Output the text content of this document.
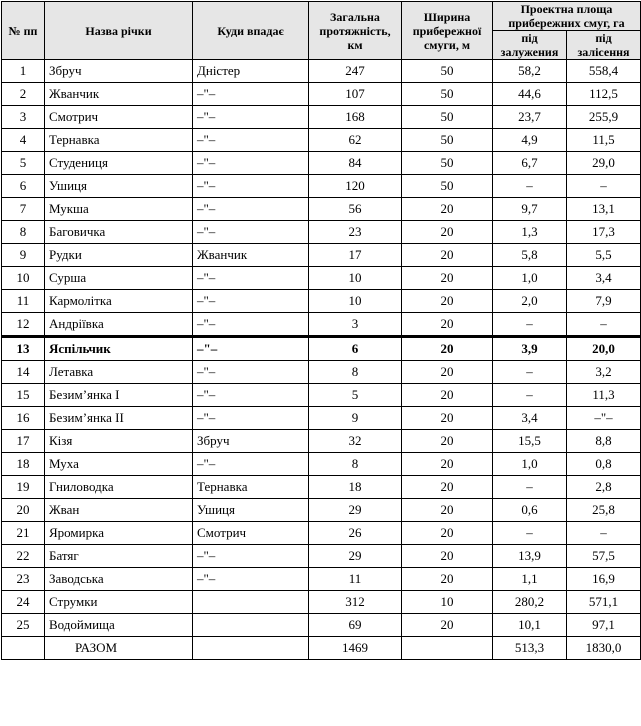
№ пп	Назва річки	Куди впадає	Загальна протяжність, км	Ширина прибережної смуги, м	Проектна площа прибережних смуг, га	
					під залужения	під залісення
1	Збруч	Дністер	247	50	58,2	558,4
2	Жванчик	–"–	107	50	44,6	112,5
3	Смотрич	–"–	168	50	23,7	255,9
4	Тернавка	–"–	62	50	4,9	11,5
5	Студениця	–"–	84	50	6,7	29,0
6	Ушиця	–"–	120	50	–	–
7	Мукша	–"–	56	20	9,7	13,1
8	Баговичка	–"–	23	20	1,3	17,3
9	Рудки	Жванчик	17	20	5,8	5,5
10	Сурша	–"–	10	20	1,0	3,4
11	Кармолітка	–"–	10	20	2,0	7,9
12	Андріївка	–"–	3	20	–	–
13	Яспільчик	–"–	6	20	3,9	20,0
14	Летавка	–"–	8	20	–	3,2
15	Безим’янка I	–"–	5	20	–	11,3
16	Безим’янка II	–"–	9	20	3,4	–"–
17	Кізя	Збруч	32	20	15,5	8,8
18	Муха	–"–	8	20	1,0	0,8
19	Гниловодка	Тернавка	18	20	–	2,8
20	Жван	Ушиця	29	20	0,6	25,8
21	Яромирка	Смотрич	26	20	–	–
22	Батяг	–"–	29	20	13,9	57,5
23	Заводська	–"–	11	20	1,1	16,9
24	Струмки		312	10	280,2	571,1
25	Водоймища		69	20	10,1	97,1
	РАЗОМ		1469		513,3	1830,0
